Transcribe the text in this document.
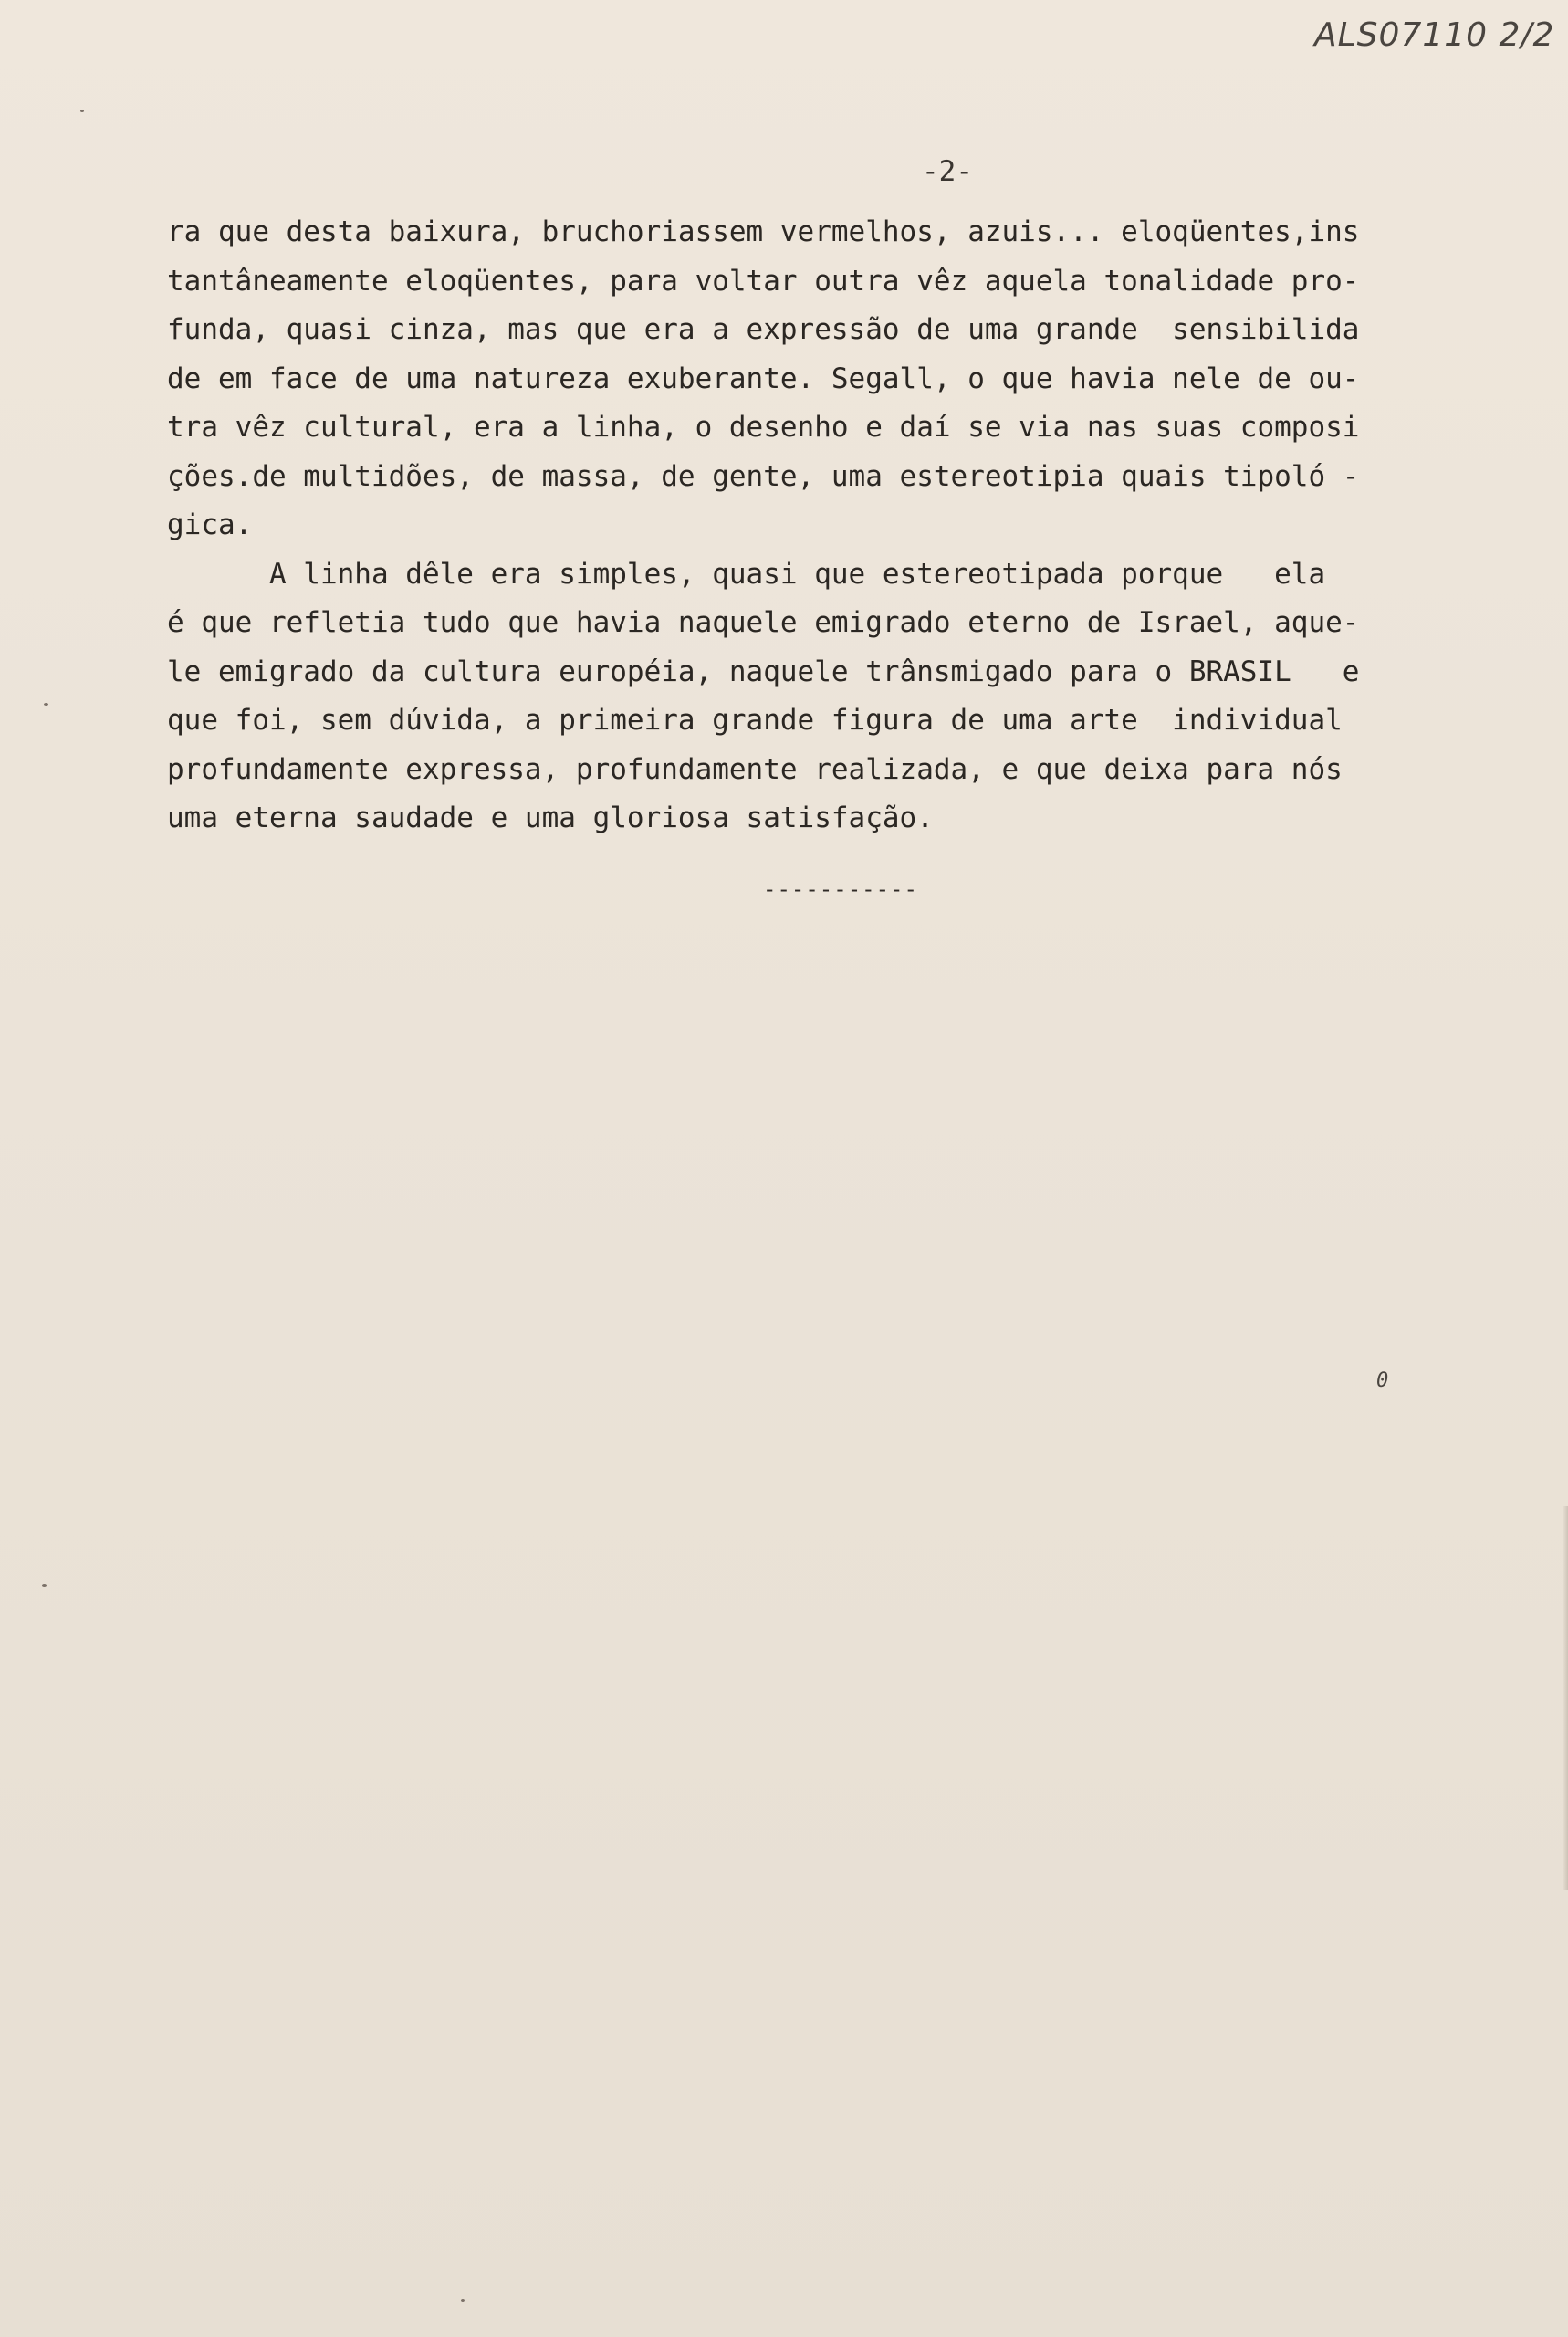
ALS07110 2/2
-2-
ra que desta baixura, bruchoriassem vermelhos, azuis... eloqüentes,ins
tantâneamente eloqüentes, para voltar outra vêz aquela tonalidade pro-
funda, quasi cinza, mas que era a expressão de uma grande  sensibilida
de em face de uma natureza exuberante. Segall, o que havia nele de ou-
tra vêz cultural, era a linha, o desenho e daí se via nas suas composi
ções.de multidões, de massa, de gente, uma estereotipia quais tipoló -
gica.
A linha dêle era simples, quasi que estereotipada porque   ela
é que refletia tudo que havia naquele emigrado eterno de Israel, aque-
le emigrado da cultura européia, naquele trânsmigado para o BRASIL   e
que foi, sem dúvida, a primeira grande figura de uma arte  individual
profundamente expressa, profundamente realizada, e que deixa para nós
uma eterna saudade e uma gloriosa satisfação.
-----------
0
